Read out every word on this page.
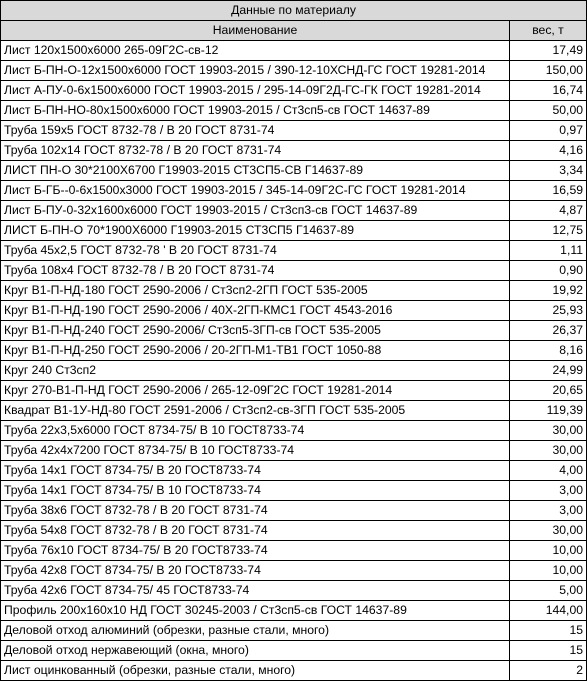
Данные по материалу	
Наименование	вес, т
Лист 120х1500х6000 265-09Г2С-св-12	17,49
Лист Б-ПН-О-12х1500х6000 ГОСТ 19903-2015 / 390-12-10ХСНД-ГС ГОСТ 19281-2014	150,00
Лист А-ПУ-0-6х1500х6000 ГОСТ 19903-2015 / 295-14-09Г2Д-ГС-ГК ГОСТ 19281-2014	16,74
Лист Б-ПН-НО-80х1500х6000 ГОСТ 19903-2015 / Ст3сп5-св ГОСТ 14637-89	50,00
Труба 159х5 ГОСТ 8732-78 / В 20 ГОСТ 8731-74	0,97
Труба 102х14 ГОСТ 8732-78 / В 20 ГОСТ 8731-74	4,16
ЛИСТ ПН-О 30*2100Х6700 Г19903-2015 СТ3СП5-СВ Г14637-89	3,34
Лист Б-ГБ--0-6х1500х3000 ГОСТ 19903-2015 / 345-14-09Г2С-ГС ГОСТ 19281-2014	16,59
Лист Б-ПУ-0-32х1600х6000 ГОСТ 19903-2015 / Ст3сп3-св ГОСТ 14637-89	4,87
ЛИСТ Б-ПН-О 70*1900Х6000 Г19903-2015 СТ3СП5 Г14637-89	12,75
Труба 45х2,5 ГОСТ 8732-78 ' В 20 ГОСТ 8731-74	1,11
Труба 108х4 ГОСТ 8732-78 / В 20 ГОСТ 8731-74	0,90
Круг В1-П-НД-180 ГОСТ 2590-2006 / Ст3сп2-2ГП ГОСТ 535-2005	19,92
Круг В1-П-НД-190 ГОСТ 2590-2006 / 40Х-2ГП-КМС1 ГОСТ 4543-2016	25,93
Круг В1-П-НД-240 ГОСТ 2590-2006/ Ст3сп5-3ГП-св ГОСТ 535-2005	26,37
Круг В1-П-НД-250 ГОСТ 2590-2006 / 20-2ГП-М1-ТВ1 ГОСТ 1050-88	8,16
Круг 240 Ст3сп2	24,99
Круг 270-В1-П-НД ГОСТ 2590-2006 / 265-12-09Г2С ГОСТ 19281-2014	20,65
Квадрат В1-1У-НД-80 ГОСТ 2591-2006 / Ст3сп2-св-3ГП ГОСТ 535-2005	119,39
Труба 22х3,5х6000 ГОСТ 8734-75/ В 10 ГОСТ8733-74	30,00
Труба 42х4х7200 ГОСТ 8734-75/ В 10 ГОСТ8733-74	30,00
Труба 14х1 ГОСТ 8734-75/ В 20 ГОСТ8733-74	4,00
Труба 14х1 ГОСТ 8734-75/ В 10 ГОСТ8733-74	3,00
Труба 38х6 ГОСТ 8732-78 / В 20 ГОСТ 8731-74	3,00
Труба 54х8 ГОСТ 8732-78 / В 20 ГОСТ 8731-74	30,00
Труба 76х10 ГОСТ 8734-75/ В 20 ГОСТ8733-74	10,00
Труба 42х8 ГОСТ 8734-75/ В 20 ГОСТ8733-74	10,00
Труба 42х6 ГОСТ 8734-75/ 45 ГОСТ8733-74	5,00
Профиль 200х160х10 НД ГОСТ 30245-2003 / Ст3сп5-св ГОСТ 14637-89	144,00
Деловой отход алюминий (обрезки, разные стали, много)	15
Деловой отход нержавеющий (окна, много)	15
Лист оцинкованный (обрезки, разные стали, много)	2
